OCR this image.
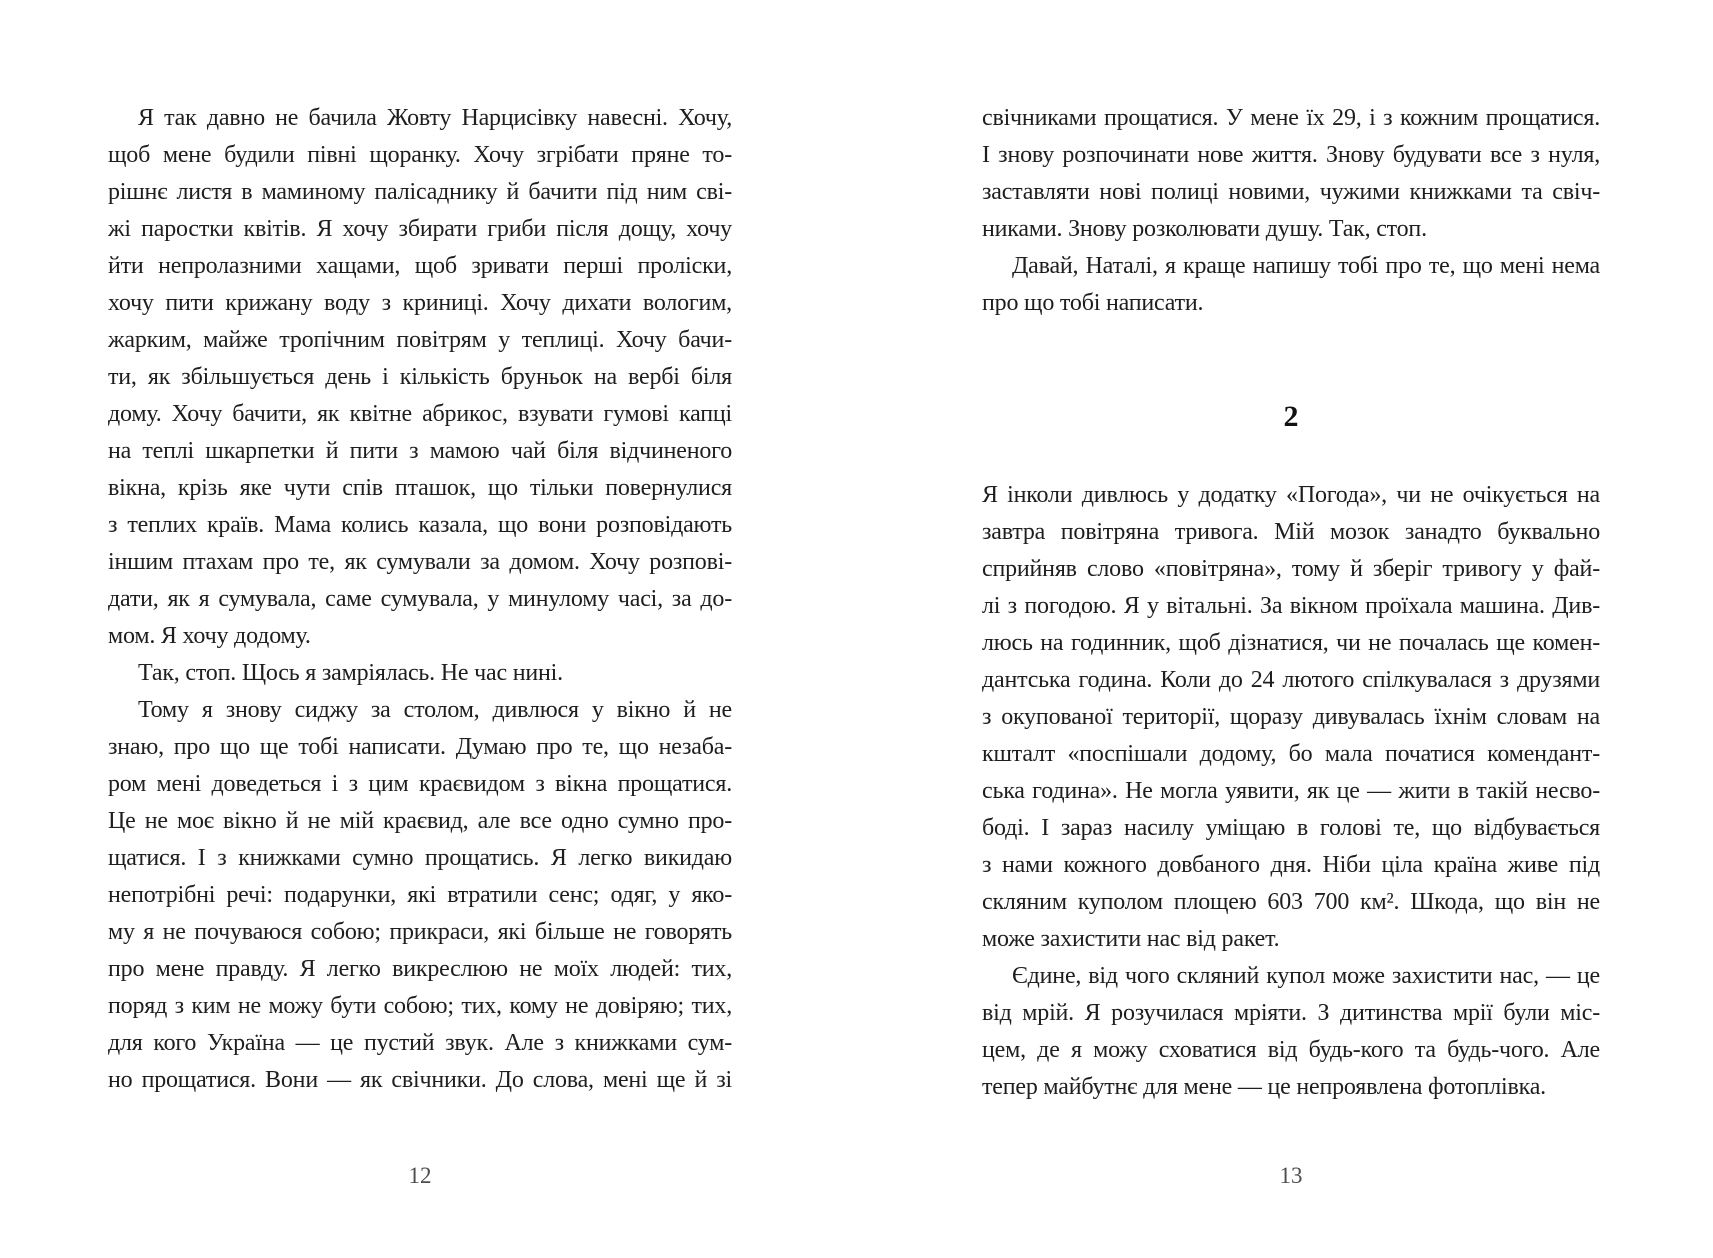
Я так давно не бачила Жовту Нарцисівку навесні. Хочу,
щоб мене будили півні щоранку. Хочу згрібати пряне то-
рішнє листя в маминому палісаднику й бачити під ним сві-
жі паростки квітів. Я хочу збирати гриби після дощу, хочу
йти непролазними хащами, щоб зривати перші проліски,
хочу пити крижану воду з криниці. Хочу дихати вологим,
жарким, майже тропічним повітрям у теплиці. Хочу бачи-
ти, як збільшується день і кількість бруньок на вербі біля
дому. Хочу бачити, як квітне абрикос, взувати гумові капці
на теплі шкарпетки й пити з мамою чай біля відчиненого
вікна, крізь яке чути спів пташок, що тільки повернулися
з теплих країв. Мама колись казала, що вони розповідають
іншим птахам про те, як сумували за домом. Хочу розпові-
дати, як я сумувала, саме сумувала, у минулому часі, за до-
мом. Я хочу додому.
Так, стоп. Щось я замріялась. Не час нині.
Тому я знову сиджу за столом, дивлюся у вікно й не
знаю, про що ще тобі написати. Думаю про те, що незаба-
ром мені доведеться і з цим краєвидом з вікна прощатися.
Це не моє вікно й не мій краєвид, але все одно сумно про-
щатися. І з книжками сумно прощатись. Я легко викидаю
непотрібні речі: подарунки, які втратили сенс; одяг, у яко-
му я не почуваюся собою; прикраси, які більше не говорять
про мене правду. Я легко викреслюю не моїх людей: тих,
поряд з ким не можу бути собою; тих, кому не довіряю; тих,
для кого Україна — це пустий звук. Але з книжками сум-
но прощатися. Вони — як свічники. До слова, мені ще й зі
свічниками прощатися. У мене їх 29, і з кожним прощатися.
І знову розпочинати нове життя. Знову будувати все з нуля,
заставляти нові полиці новими, чужими книжками та свіч-
никами. Знову розколювати душу. Так, стоп.
Давай, Наталі, я краще напишу тобі про те, що мені нема
про що тобі написати.
2
Я інколи дивлюсь у додатку «Погода», чи не очікується на
завтра повітряна тривога. Мій мозок занадто буквально
сприйняв слово «повітряна», тому й зберіг тривогу у фай-
лі з погодою. Я у вітальні. За вікном проїхала машина. Див-
люсь на годинник, щоб дізнатися, чи не почалась ще комен-
дантська година. Коли до 24 лютого спілкувалася з друзями
з окупованої території, щоразу дивувалась їхнім словам на
кшталт «поспішали додому, бо мала початися комендант-
ська година». Не могла уявити, як це — жити в такій несво-
боді. І зараз насилу уміщаю в голові те, що відбувається
з нами кожного довбаного дня. Ніби ціла країна живе під
скляним куполом площею 603 700 км². Шкода, що він не
може захистити нас від ракет.
Єдине, від чого скляний купол може захистити нас, — це
від мрій. Я розучилася мріяти. З дитинства мрії були міс-
цем, де я можу сховатися від будь-кого та будь-чого. Але
тепер майбутнє для мене — це непроявлена фотоплівка.
12	13
